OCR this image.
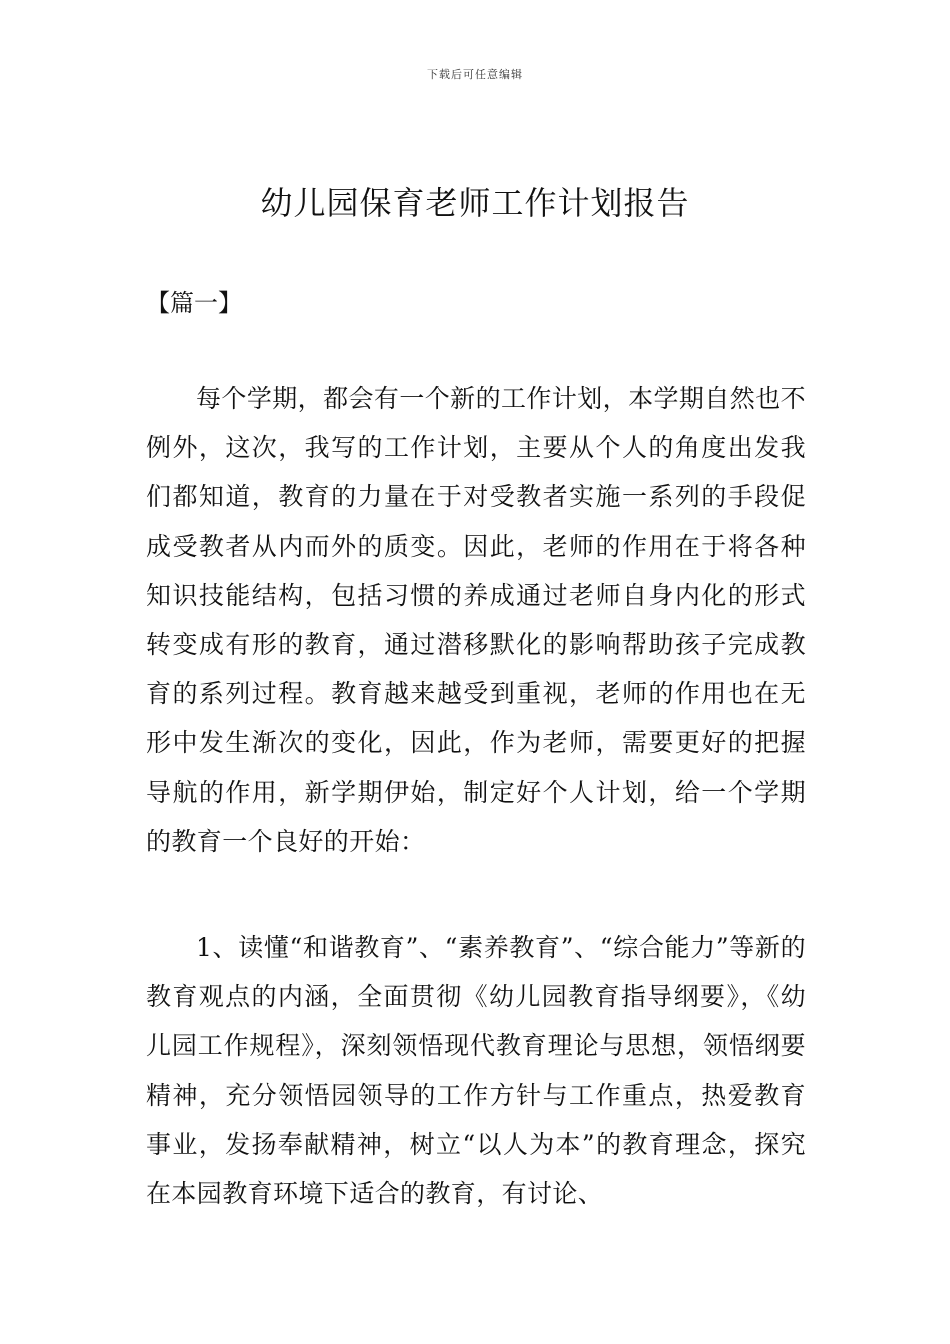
下载后可任意编辑
幼儿园保育老师工作计划报告
【篇一】

每个学期，都会有一个新的工作计划，本学期自然也不例外，这次，我写的工作计划，主要从个人的角度出发我们都知道，教育的力量在于对受教者实施一系列的手段促成受教者从内而外的质变。因此，老师的作用在于将各种知识技能结构，包括习惯的养成通过老师自身内化的形式转变成有形的教育，通过潜移默化的影响帮助孩子完成教育的系列过程。教育越来越受到重视，老师的作用也在无形中发生渐次的变化，因此，作为老师，需要更好的把握导航的作用，新学期伊始，制定好个人计划，给一个学期的教育一个良好的开始：

1、读懂“和谐教育”、“素养教育”、“综合能力”等新的教育观点的内涵，全面贯彻《幼儿园教育指导纲要》，《幼儿园工作规程》，深刻领悟现代教育理论与思想，领悟纲要精神，充分领悟园领导的工作方针与工作重点，热爱教育事业，发扬奉献精神，树立“以人为本”的教育理念，探究在本园教育环境下适合的教育，有讨论、
